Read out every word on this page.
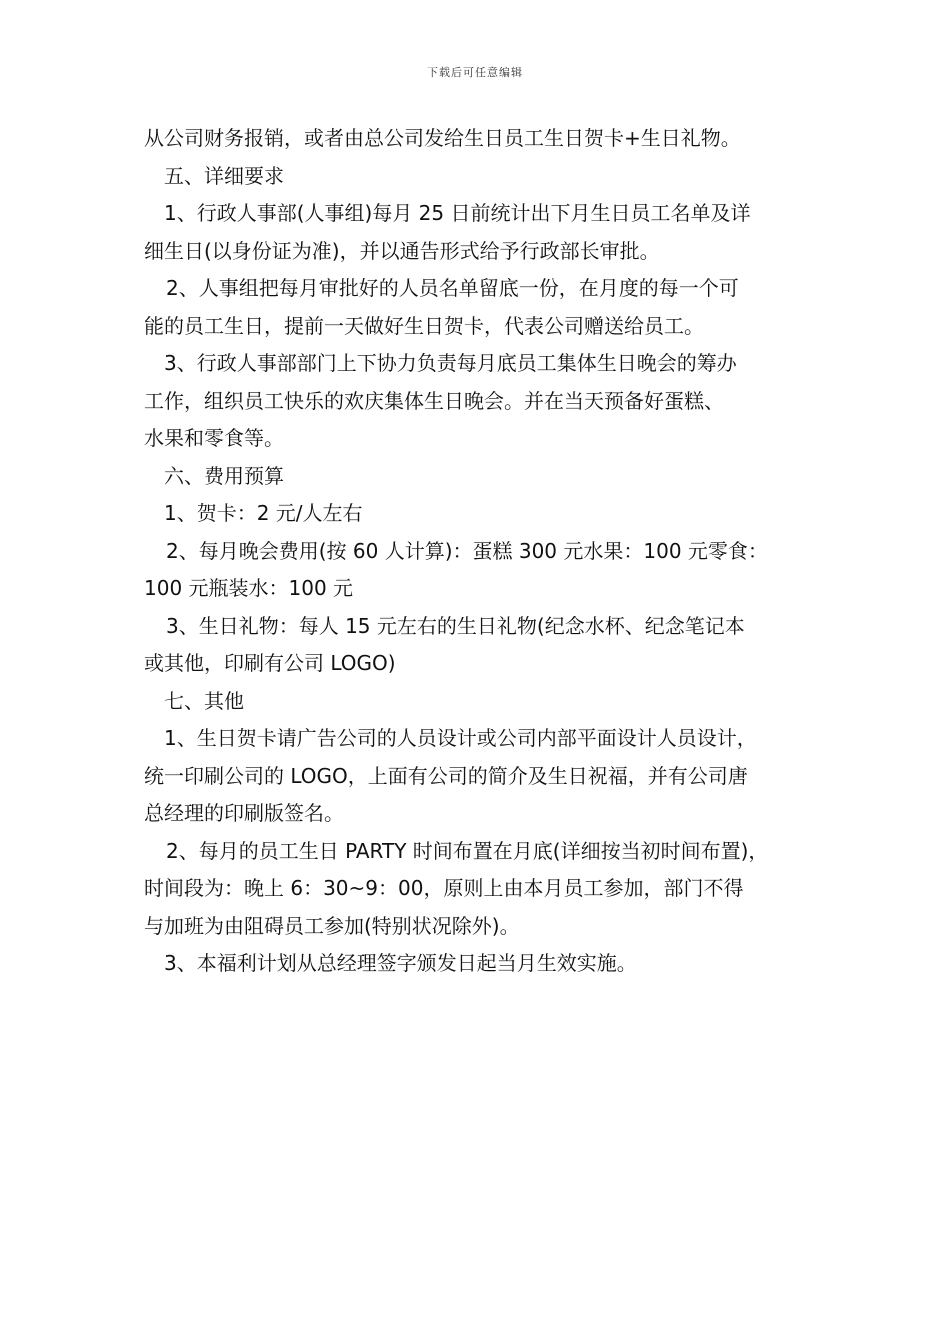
下载后可任意编辑
从公司财务报销，或者由总公司发给生日员工生日贺卡+生日礼物。
五、详细要求
1、行政人事部(人事组)每月 25 日前统计出下月生日员工名单及详
细生日(以身份证为准)，并以通告形式给予行政部长审批。
2、人事组把每月审批好的人员名单留底一份，在月度的每一个可
能的员工生日，提前一天做好生日贺卡，代表公司赠送给员工。
3、行政人事部部门上下协力负责每月底员工集体生日晚会的筹办
工作，组织员工快乐的欢庆集体生日晚会。并在当天预备好蛋糕、
水果和零食等。
六、费用预算
1、贺卡：2 元/人左右
2、每月晚会费用(按 60 人计算)：蛋糕 300 元水果：100 元零食：
100 元瓶装水：100 元
3、生日礼物：每人 15 元左右的生日礼物(纪念水杯、纪念笔记本
或其他，印刷有公司 LOGO)
七、其他
1、生日贺卡请广告公司的人员设计或公司内部平面设计人员设计，
统一印刷公司的 LOGO，上面有公司的简介及生日祝福，并有公司唐
总经理的印刷版签名。
2、每月的员工生日 PARTY 时间布置在月底(详细按当初时间布置)，
时间段为：晚上 6：30~9：00，原则上由本月员工参加，部门不得
与加班为由阻碍员工参加(特别状况除外)。
3、本福利计划从总经理签字颁发日起当月生效实施。
